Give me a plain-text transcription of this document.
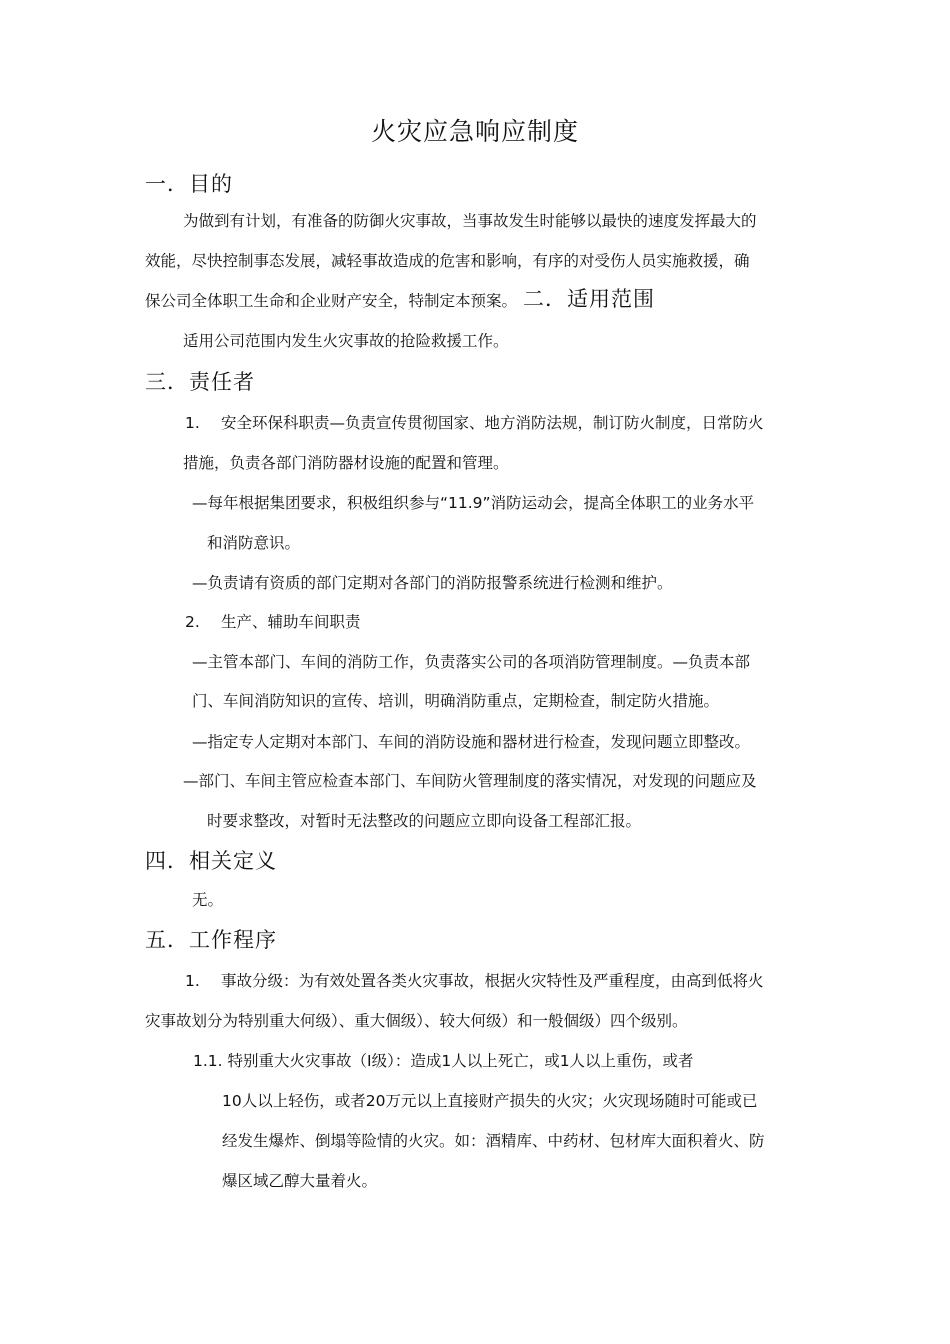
火灾应急响应制度
一．目的
为做到有计划，有准备的防御火灾事故，当事故发生时能够以最快的速度发挥最大的
效能，尽快控制事态发展，减轻事故造成的危害和影响，有序的对受伤人员实施救援，确
保公司全体职工生命和企业财产安全，特制定本预案。 二．适用范围
适用公司范围内发生火灾事故的抢险救援工作。
三．责任者
1. 安全环保科职责—负责宣传贯彻国家、地方消防法规，制订防火制度，日常防火
措施，负责各部门消防器材设施的配置和管理。
—每年根据集团要求，积极组织参与“11.9”消防运动会，提高全体职工的业务水平
和消防意识。
—负责请有资质的部门定期对各部门的消防报警系统进行检测和维护。
2. 生产、辅助车间职责
—主管本部门、车间的消防工作，负责落实公司的各项消防管理制度。—负责本部
门、车间消防知识的宣传、培训，明确消防重点，定期检查，制定防火措施。
—指定专人定期对本部门、车间的消防设施和器材进行检查，发现问题立即整改。
—部门、车间主管应检查本部门、车间防火管理制度的落实情况，对发现的问题应及
时要求整改，对暂时无法整改的问题应立即向设备工程部汇报。
四．相关定义
无。
五．工作程序
1. 事故分级：为有效处置各类火灾事故，根据火灾特性及严重程度，由高到低将火
灾事故划分为特别重大何级）、重大個级）、较大何级）和一般個级）四个级别。
1.1. 特别重大火灾事故（I级）：造成1人以上死亡，或1人以上重伤，或者
10人以上轻伤，或者20万元以上直接财产损失的火灾；火灾现场随时可能或已
经发生爆炸、倒塌等险情的火灾。如：酒精库、中药材、包材库大面积着火、防
爆区域乙醇大量着火。
